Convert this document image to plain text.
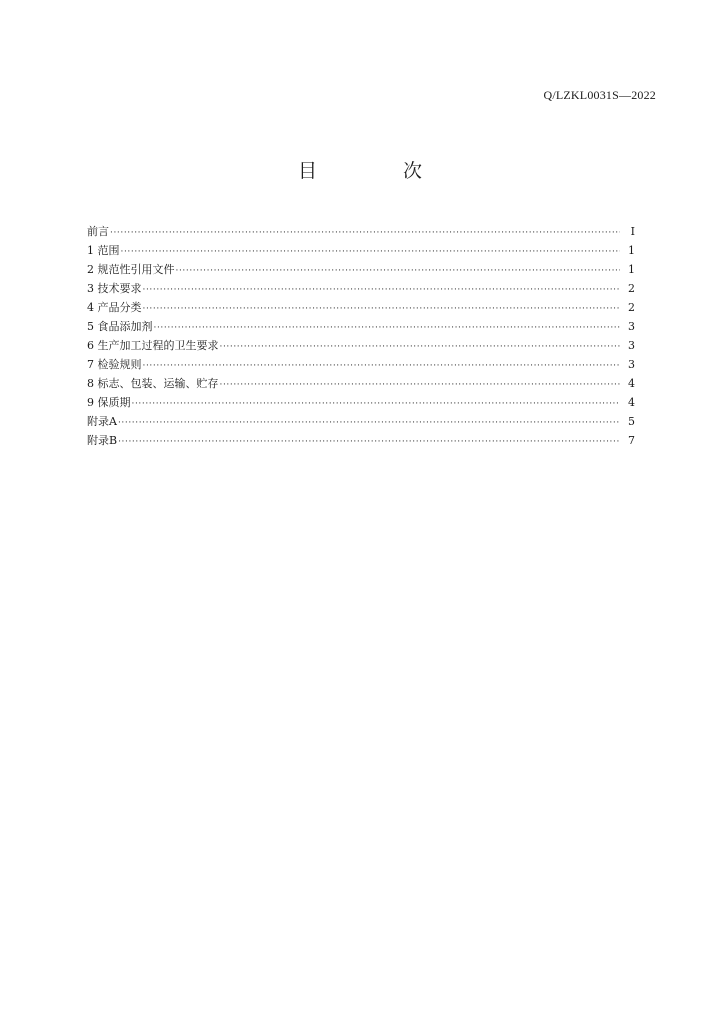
Q/LZKL0031S—2022
目 次
前言 ·····	I
1 范围 ·····	1
2 规范性引用文件 ·····	1
3 技术要求 ·····	2
4 产品分类 ·····	2
5 食品添加剂 ·····	3
6 生产加工过程的卫生要求 ·····	3
7 检验规则 ·····	3
8 标志、包装、运输、贮存 ·····	4
9 保质期 ·····	4
附录A ·····	5
附录B ·····	7
